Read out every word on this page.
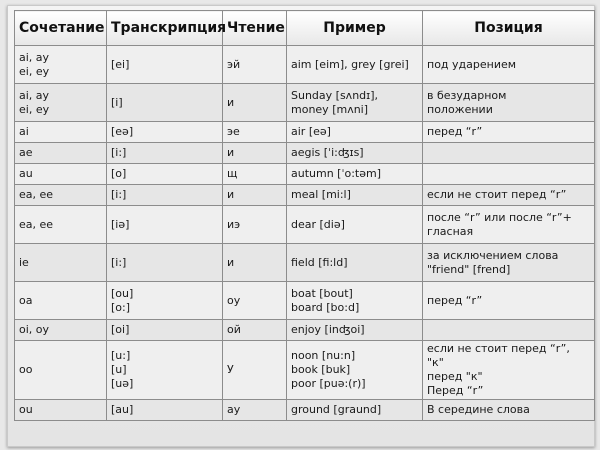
Сочетание	Транскрипция	Чтение	Пример	Позиция
ai, ay
ei, ey	[ei]	эй	aim [eim], grey [grei]	под ударением
ai, ay
ei, ey	[i]	и	Sunday [sʌndɪ],
money [mʌni]	в безударном
положении
ai	[eə]	эе	air [eə]	перед “r”
ae	[i:]	и	aegis [ˈi:ʤɪs]	
au	[o]	щ	autumn [ˈo:təm]	
ea, ee	[i:]	и	meal [mi:l]	если не стоит перед “r”
ea, ee	[iə]	иэ	dear [diə]	после “r” или после “r”+
гласная
ie	[i:]	и	field [fi:ld]	за исключением слова
"friend" [frend]
oa	[ou]
[o:]	оу	boat [bout]
board [bo:d]	перед “r”
oi, oy	[oi]	ой	enjoy [inʤoi]	
oo	[u:]
[u]
[uə]	У	noon [nu:n]
book [buk]
poor [puə:(r)]	если не стоит перед “r”, "к"
перед "к"
Перед “r”
ou	[au]	ау	ground [graund]	В середине слова
